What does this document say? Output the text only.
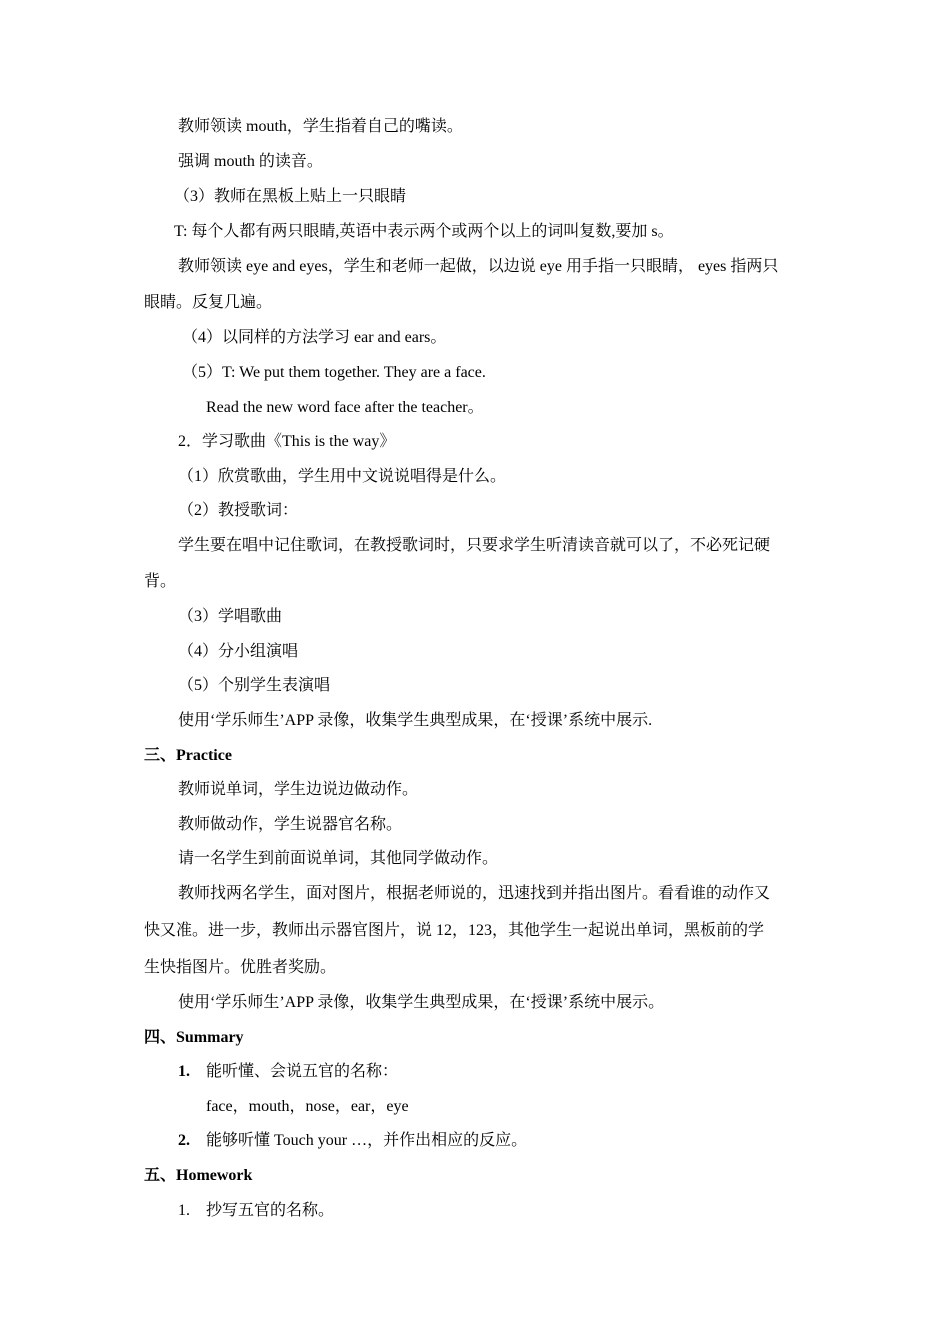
教师领读 mouth，学生指着自己的嘴读。
强调 mouth 的读音。
（3）教师在黑板上贴上一只眼睛
T: 每个人都有两只眼睛,英语中表示两个或两个以上的词叫复数,要加 s。
教师领读 eye and eyes，学生和老师一起做，以边说 eye 用手指一只眼睛， eyes 指两只
眼睛。反复几遍。
（4）以同样的方法学习 ear and ears。
（5）T: We put them together. They are a face.
Read the new word face after the teacher。
2．学习歌曲《This is the way》
（1）欣赏歌曲，学生用中文说说唱得是什么。
（2）教授歌词：
学生要在唱中记住歌词，在教授歌词时，只要求学生听清读音就可以了，不必死记硬
背。
（3）学唱歌曲
（4）分小组演唱
（5）个别学生表演唱
使用‘学乐师生’APP 录像，收集学生典型成果，在‘授课’系统中展示.
三、Practice
教师说单词，学生边说边做动作。
教师做动作，学生说器官名称。
请一名学生到前面说单词，其他同学做动作。
教师找两名学生，面对图片，根据老师说的，迅速找到并指出图片。看看谁的动作又
快又准。进一步，教师出示器官图片，说 12，123，其他学生一起说出单词，黑板前的学
生快指图片。优胜者奖励。
使用‘学乐师生’APP 录像，收集学生典型成果，在‘授课’系统中展示。
四、Summary
1. 能听懂、会说五官的名称：
face，mouth，nose，ear，eye
2. 能够听懂 Touch your …，并作出相应的反应。
五、Homework
1. 抄写五官的名称。
